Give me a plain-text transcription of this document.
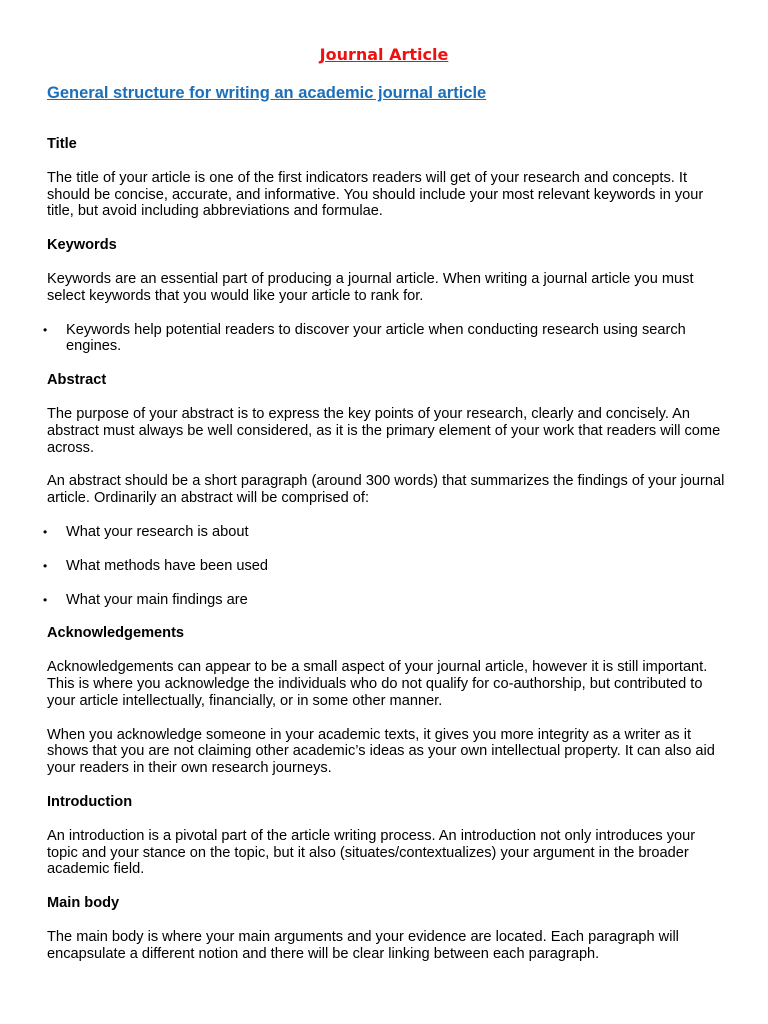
Journal Article
General structure for writing an academic journal article
Title

The title of your article is one of the first indicators readers will get of your research and concepts. It should be concise, accurate, and informative. You should include your most relevant keywords in your title, but avoid including abbreviations and formulae.

Keywords

Keywords are an essential part of producing a journal article. When writing a journal article you must select keywords that you would like your article to rank for.

• Keywords help potential readers to discover your article when conducting research using search engines.
Abstract

The purpose of your abstract is to express the key points of your research, clearly and concisely. An abstract must always be well considered, as it is the primary element of your work that readers will come across.

An abstract should be a short paragraph (around 300 words) that summarizes the findings of your journal article. Ordinarily an abstract will be comprised of:

• What your research is about
• What methods have been used
• What your main findings are
Acknowledgements

Acknowledgements can appear to be a small aspect of your journal article, however it is still important. This is where you acknowledge the individuals who do not qualify for co-authorship, but contributed to your article intellectually, financially, or in some other manner.

When you acknowledge someone in your academic texts, it gives you more integrity as a writer as it shows that you are not claiming other academic’s ideas as your own intellectual property. It can also aid your readers in their own research journeys.

Introduction

An introduction is a pivotal part of the article writing process. An introduction not only introduces your topic and your stance on the topic, but it also (situates/contextualizes) your argument in the broader academic field.

Main body

The main body is where your main arguments and your evidence are located. Each paragraph will encapsulate a different notion and there will be clear linking between each paragraph.
